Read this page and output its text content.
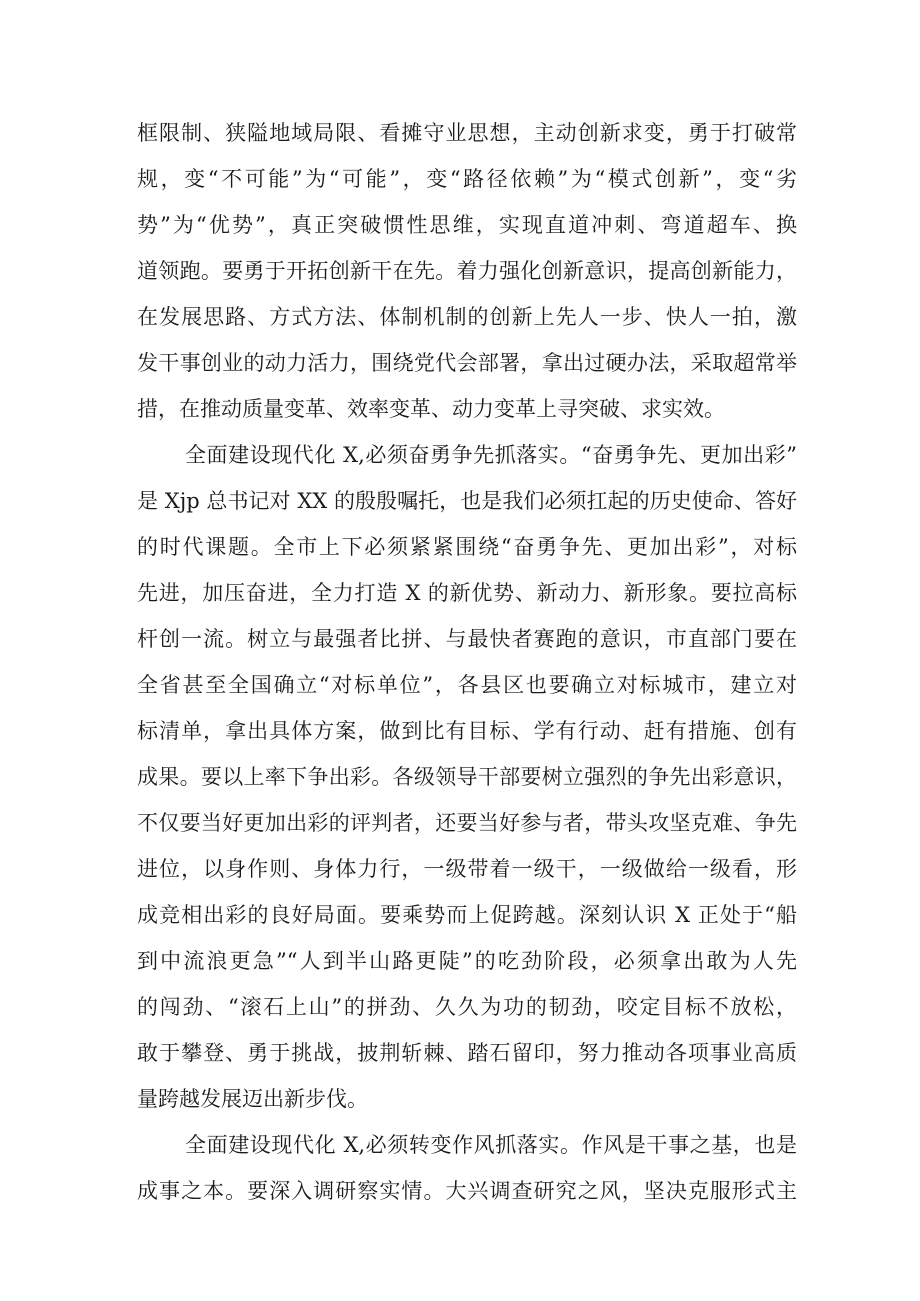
框限制、狭隘地域局限、看摊守业思想，主动创新求变，勇于打破常
规，变“不可能”为“可能”，变“路径依赖”为“模式创新”，变“劣
势”为“优势”，真正突破惯性思维，实现直道冲刺、弯道超车、换
道领跑。要勇于开拓创新干在先。着力强化创新意识，提高创新能力，
在发展思路、方式方法、体制机制的创新上先人一步、快人一拍，激
发干事创业的动力活力，围绕党代会部署，拿出过硬办法，采取超常举
措，在推动质量变革、效率变革、动力变革上寻突破、求实效。
全面建设现代化 X,必须奋勇争先抓落实。“奋勇争先、更加出彩”
是 Xjp 总书记对 XX 的殷殷嘱托，也是我们必须扛起的历史使命、答好
的时代课题。全市上下必须紧紧围绕“奋勇争先、更加出彩”，对标
先进，加压奋进，全力打造 X 的新优势、新动力、新形象。要拉高标
杆创一流。树立与最强者比拼、与最快者赛跑的意识，市直部门要在
全省甚至全国确立“对标单位”，各县区也要确立对标城市，建立对
标清单，拿出具体方案，做到比有目标、学有行动、赶有措施、创有
成果。要以上率下争出彩。各级领导干部要树立强烈的争先出彩意识，
不仅要当好更加出彩的评判者，还要当好参与者，带头攻坚克难、争先
进位，以身作则、身体力行，一级带着一级干，一级做给一级看，形
成竞相出彩的良好局面。要乘势而上促跨越。深刻认识 X 正处于“船
到中流浪更急”“人到半山路更陡”的吃劲阶段，必须拿出敢为人先
的闯劲、“滚石上山”的拼劲、久久为功的韧劲，咬定目标不放松，
敢于攀登、勇于挑战，披荆斩棘、踏石留印，努力推动各项事业高质
量跨越发展迈出新步伐。
全面建设现代化 X,必须转变作风抓落实。作风是干事之基，也是
成事之本。要深入调研察实情。大兴调查研究之风，坚决克服形式主
